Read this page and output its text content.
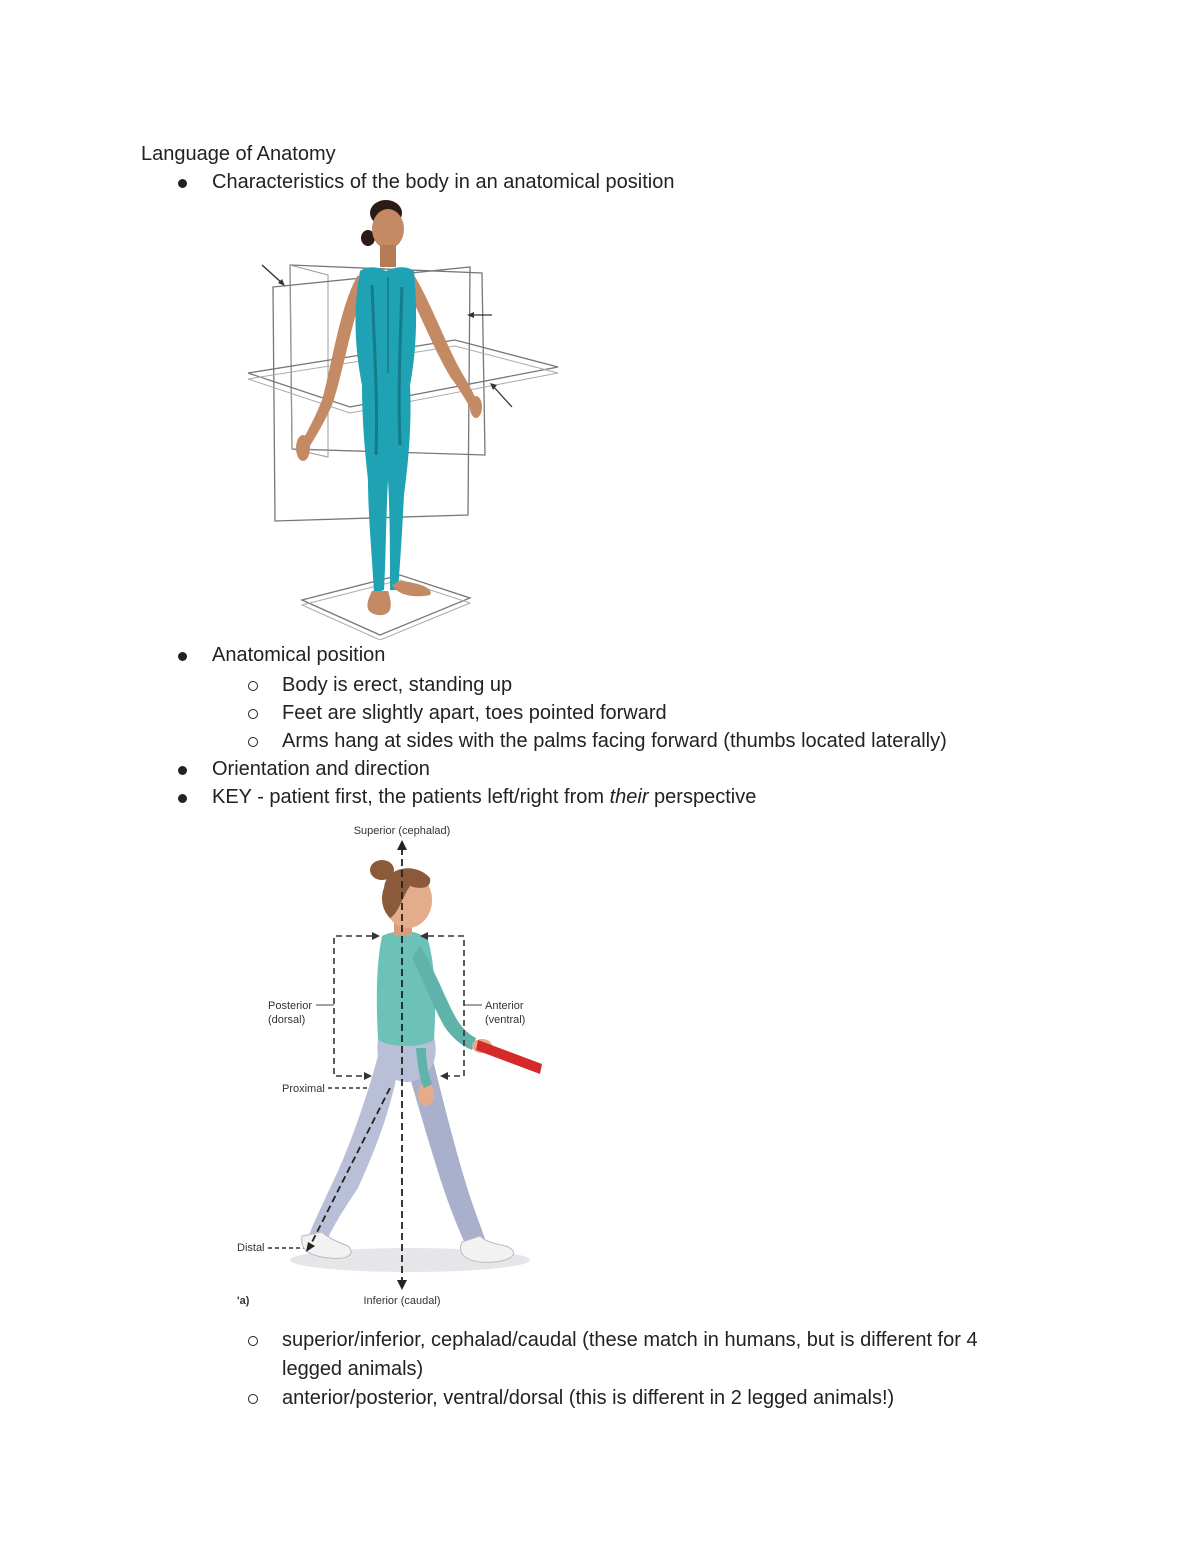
Language of Anatomy
Characteristics of the body in an anatomical position
Anatomical position
Body is erect, standing up
Feet are slightly apart, toes pointed forward
Arms hang at sides with the palms facing forward (thumbs located laterally)
Orientation and direction
KEY - patient first, the patients left/right from their perspective
Superior (cephalad)
Inferior (caudal)
Posterior
(dorsal)
Anterior
(ventral)
Proximal
Distal
'a)
superior/inferior, cephalad/caudal (these match in humans, but is different for 4
legged animals)
anterior/posterior, ventral/dorsal (this is different in 2 legged animals!)
